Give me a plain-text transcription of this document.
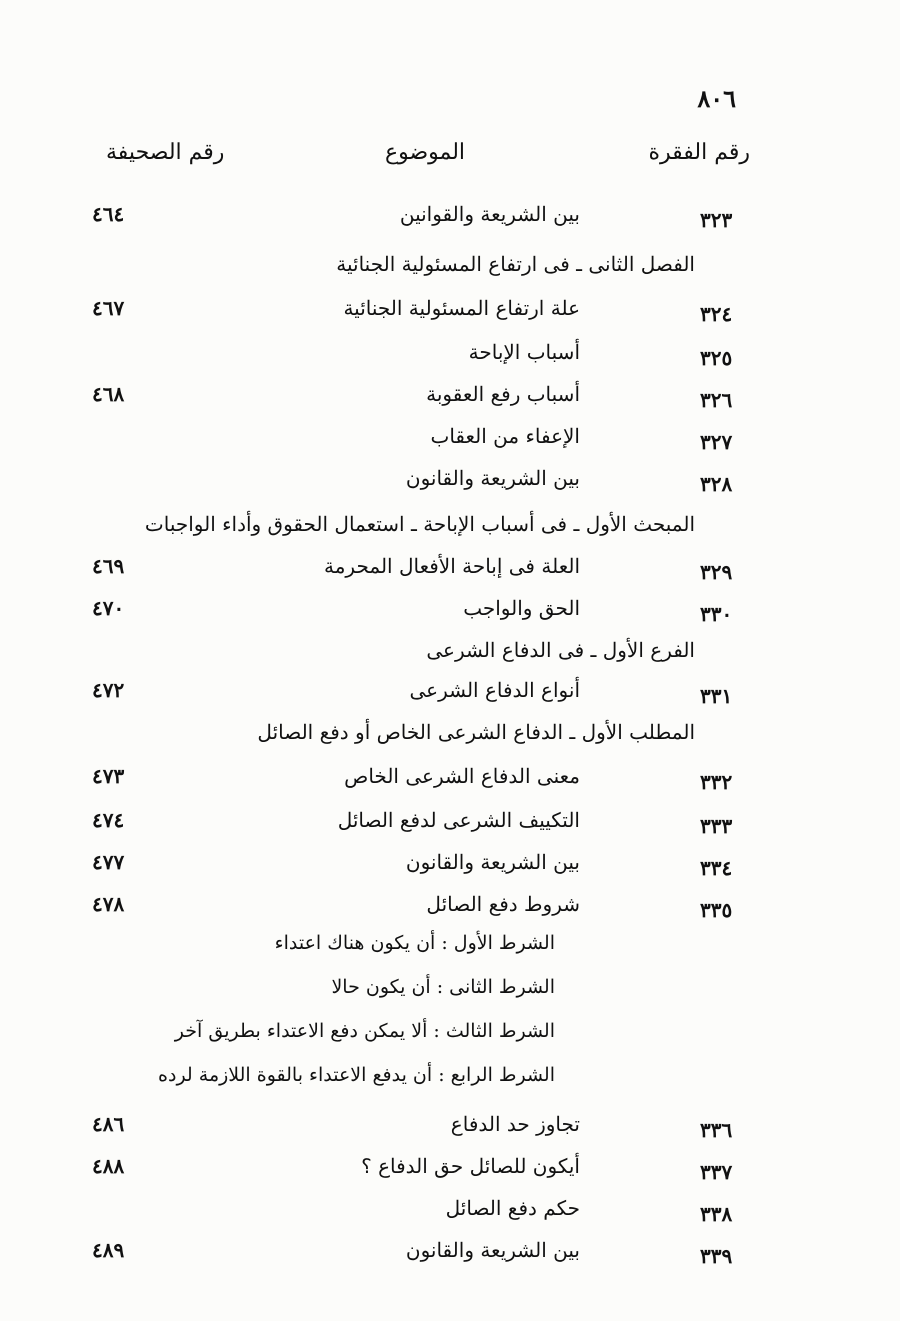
٨٠٦
رقم الفقرة
الموضوع
رقم الصحيفة
٣٢٣
بين الشريعة والقوانين
٤٦٤
الفصل الثانى ـ فى ارتفاع المسئولية الجنائية
٣٢٤
علة ارتفاع المسئولية الجنائية
٤٦٧
٣٢٥
أسباب الإباحة
٣٢٦
أسباب رفع العقوبة
٤٦٨
٣٢٧
الإعفاء من العقاب
٣٢٨
بين الشريعة والقانون
المبحث الأول ـ فى أسباب الإباحة ـ استعمال الحقوق وأداء الواجبات
٣٢٩
العلة فى إباحة الأفعال المحرمة
٤٦٩
٣٣٠
الحق والواجب
٤٧٠
الفرع الأول ـ فى الدفاع الشرعى
٣٣١
أنواع الدفاع الشرعى
٤٧٢
المطلب الأول ـ الدفاع الشرعى الخاص أو دفع الصائل
٣٣٢
معنى الدفاع الشرعى الخاص
٤٧٣
٣٣٣
التكييف الشرعى لدفع الصائل
٤٧٤
٣٣٤
بين الشريعة والقانون
٤٧٧
٣٣٥
شروط دفع الصائل
٤٧٨
الشرط الأول : أن يكون هناك اعتداء
الشرط الثانى : أن يكون حالا
الشرط الثالث : ألا يمكن دفع الاعتداء بطريق آخر
الشرط الرابع : أن يدفع الاعتداء بالقوة اللازمة لرده
٣٣٦
تجاوز حد الدفاع
٤٨٦
٣٣٧
أيكون للصائل حق الدفاع ؟
٤٨٨
٣٣٨
حكم دفع الصائل
٣٣٩
بين الشريعة والقانون
٤٨٩
